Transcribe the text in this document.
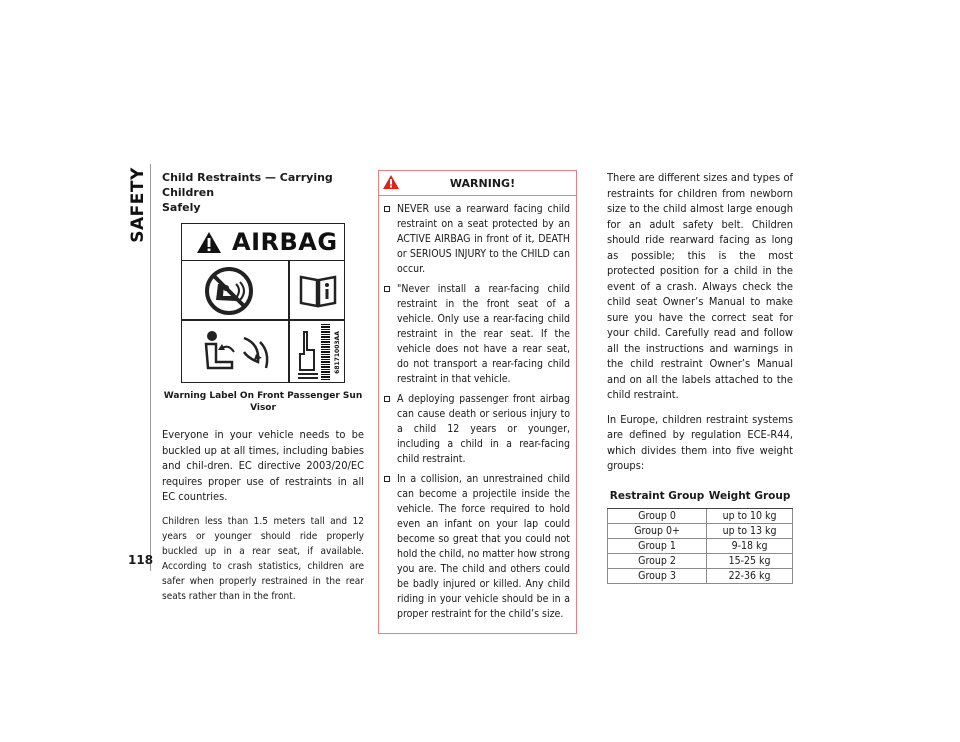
SAFETY
118
Child Restraints — Carrying Children
Safely
AIRBAG
68171003AA
Warning Label On Front Passenger Sun Visor

Everyone in your vehicle needs to be buckled up at all times, including babies and chil-dren. EC directive 2003/20/EC requires proper use of restraints in all EC countries.

Children less than 1.5 meters tall and 12 years or younger should ride properly buckled up in a rear seat, if available. According to crash statistics, children are safer when properly restrained in the rear seats rather than in the front.

WARNING!
NEVER use a rearward facing child restraint on a seat protected by an ACTIVE AIRBAG in front of it, DEATH or SERIOUS INJURY to the CHILD can occur.
"Never install a rear-facing child restraint in the front seat of a vehicle. Only use a rear-facing child restraint in the rear seat. If the vehicle does not have a rear seat, do not transport a rear-facing child restraint in that vehicle.
A deploying passenger front airbag can cause death or serious injury to a child 12 years or younger, including a child in a rear-facing child restraint.
In a collision, an unrestrained child can become a projectile inside the vehicle. The force required to hold even an infant on your lap could become so great that you could not hold the child, no matter how strong you are. The child and others could be badly injured or killed. Any child riding in your vehicle should be in a proper restraint for the child’s size.

There are different sizes and types of restraints for children from newborn size to the child almost large enough for an adult safety belt. Children should ride rearward facing as long as possible; this is the most protected position for a child in the event of a crash. Always check the child seat Owner’s Manual to make sure you have the correct seat for your child. Carefully read and follow all the instructions and warnings in the child restraint Owner’s Manual and on all the labels attached to the child restraint.

In Europe, children restraint systems are defined by regulation ECE-R44, which divides them into five weight groups:

Restraint Group	Weight Group
Group 0	up to 10 kg
Group 0+	up to 13 kg
Group 1	9-18 kg
Group 2	15-25 kg
Group 3	22-36 kg
